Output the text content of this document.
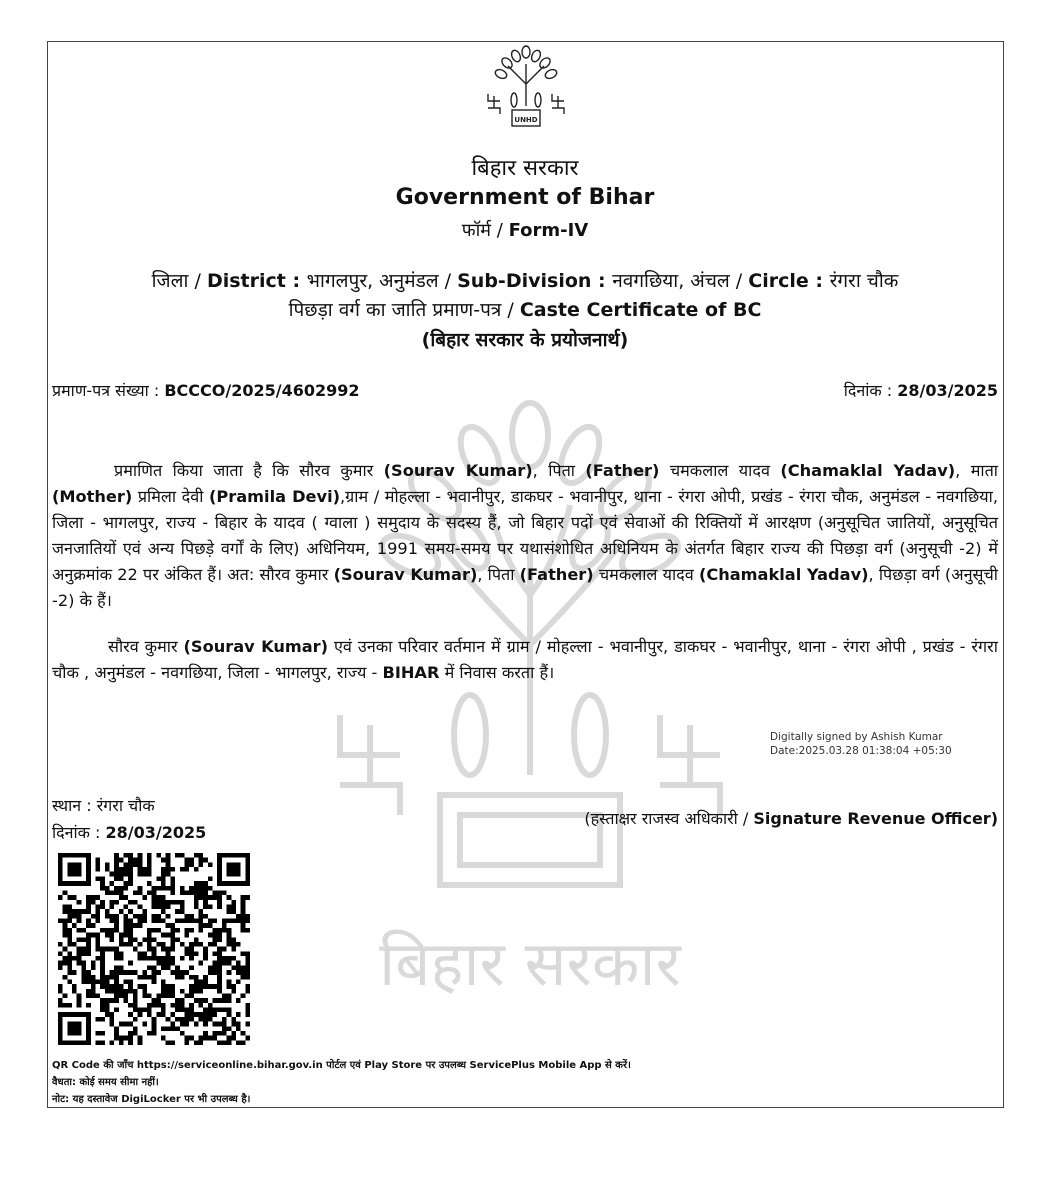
बिहार सरकार
UNHD
बिहार सरकार
Government of Bihar
फॉर्म / Form-IV
जिला / District : भागलपुर, अनुमंडल / Sub-Division : नवगछिया, अंचल / Circle : रंगरा चौक
पिछड़ा वर्ग का जाति प्रमाण-पत्र / Caste Certificate of BC
(बिहार सरकार के प्रयोजनार्थ)
प्रमाण-पत्र संख्या : BCCCO/2025/4602992	दिनांक : 28/03/2025
प्रमाणित किया जाता है कि सौरव कुमार (Sourav Kumar), पिता (Father) चमकलाल यादव (Chamaklal Yadav), माता (Mother) प्रमिला देवी (Pramila Devi),ग्राम / मोहल्ला - भवानीपुर, डाकघर - भवानीपुर, थाना - रंगरा ओपी, प्रखंड - रंगरा चौक, अनुमंडल - नवगछिया, जिला - भागलपुर, राज्य - बिहार के यादव ( ग्वाला ) समुदाय के सदस्य हैं, जो बिहार पदों एवं सेवाओं की रिक्तियों में आरक्षण (अनुसूचित जातियों, अनुसूचित जनजातियों एवं अन्य पिछड़े वर्गों के लिए) अधिनियम, 1991 समय-समय पर यथासंशोधित अधिनियम के अंतर्गत बिहार राज्य की पिछड़ा वर्ग (अनुसूची -2) में अनुक्रमांक 22 पर अंकित हैं। अत: सौरव कुमार (Sourav Kumar), पिता (Father) चमकलाल यादव (Chamaklal Yadav), पिछड़ा वर्ग (अनुसूची -2) के हैं।
सौरव कुमार (Sourav Kumar) एवं उनका परिवार वर्तमान में ग्राम / मोहल्ला - भवानीपुर, डाकघर - भवानीपुर, थाना - रंगरा ओपी , प्रखंड - रंगरा चौक , अनुमंडल - नवगछिया, जिला - भागलपुर, राज्य - BIHAR में निवास करता हैं।
Digitally signed by Ashish Kumar
Date:2025.03.28 01:38:04 +05:30
स्थान : रंगरा चौक
दिनांक : 28/03/2025
(हस्ताक्षर राजस्व अधिकारी / Signature Revenue Officer)
QR Code की जाँच https://serviceonline.bihar.gov.in पोर्टल एवं Play Store पर उपलब्ध ServicePlus Mobile App से करें।
वैधता: कोई समय सीमा नहीं।
नोट: यह दस्तावेज DigiLocker पर भी उपलब्ध है।
